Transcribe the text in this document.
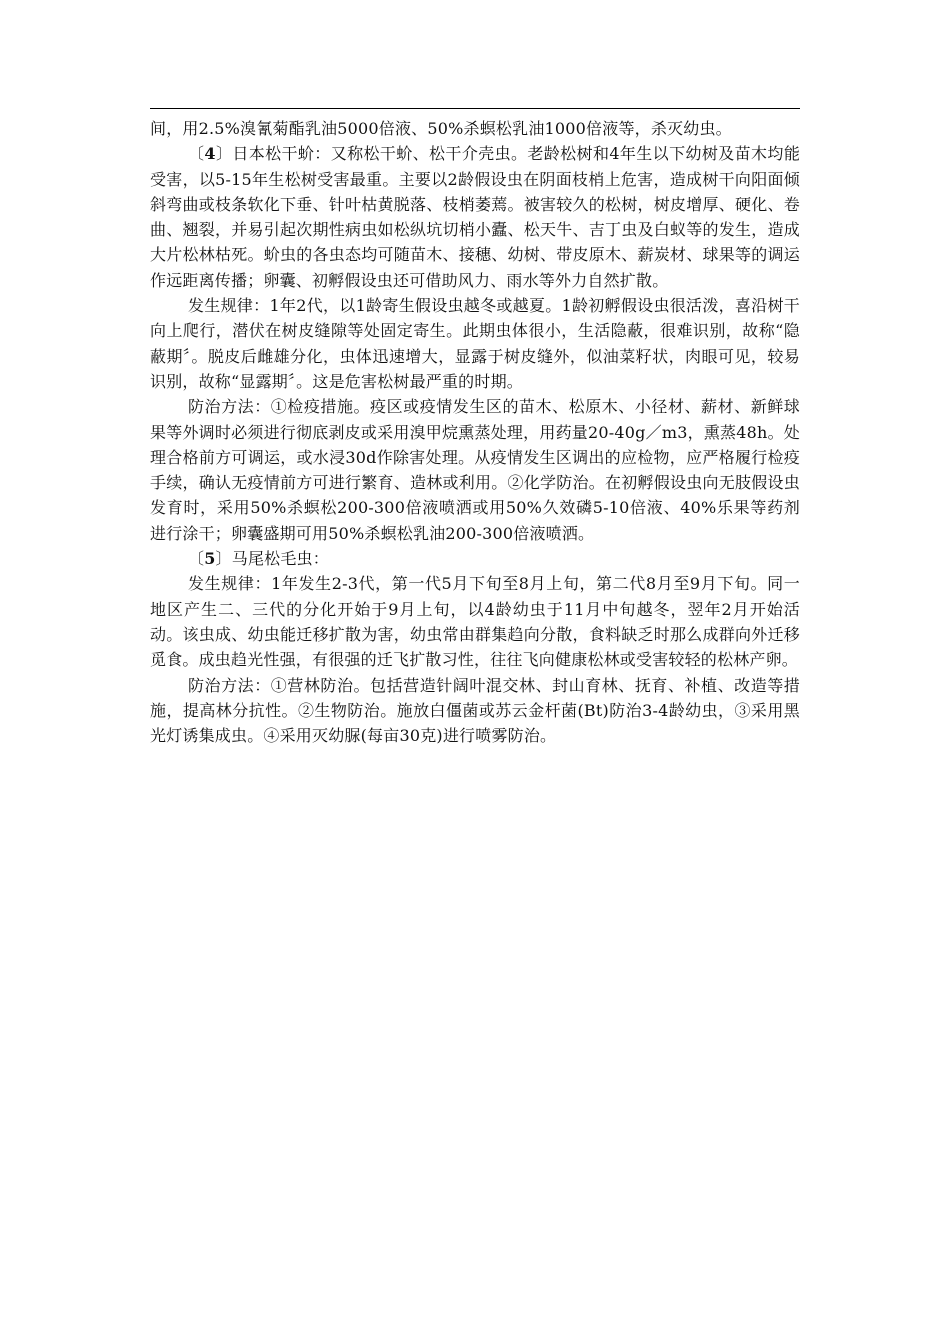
间，用2.5%溴氰菊酯乳油5000倍液、50%杀螟松乳油1000倍液等，杀灭幼虫。

〔4〕日本松干蚧：又称松干蚧、松干介壳虫。老龄松树和4年生以下幼树及苗木均能受害，以5-15年生松树受害最重。主要以2龄假设虫在阴面枝梢上危害，造成树干向阳面倾斜弯曲或枝条软化下垂、针叶枯黄脱落、枝梢萎蔫。被害较久的松树，树皮增厚、硬化、卷曲、翘裂，并易引起次期性病虫如松纵坑切梢小蠹、松天牛、吉丁虫及白蚁等的发生，造成大片松林枯死。蚧虫的各虫态均可随苗木、接穗、幼树、带皮原木、薪炭材、球果等的调运作远距离传播；卵囊、初孵假设虫还可借助风力、雨水等外力自然扩散。

发生规律：1年2代，以1龄寄生假设虫越冬或越夏。1龄初孵假设虫很活泼，喜沿树干向上爬行，潜伏在树皮缝隙等处固定寄生。此期虫体很小，生活隐蔽，很难识别，故称“隐蔽期〞。脱皮后雌雄分化，虫体迅速增大，显露于树皮缝外，似油菜籽状，肉眼可见，较易识别，故称“显露期〞。这是危害松树最严重的时期。

防治方法：①检疫措施。疫区或疫情发生区的苗木、松原木、小径材、薪材、新鲜球果等外调时必须进行彻底剥皮或采用溴甲烷熏蒸处理，用药量20-40g／m3，熏蒸48h。处理合格前方可调运，或水浸30d作除害处理。从疫情发生区调出的应检物，应严格履行检疫手续，确认无疫情前方可进行繁育、造林或利用。②化学防治。在初孵假设虫向无肢假设虫发育时，采用50%杀螟松200-300倍液喷洒或用50%久效磷5-10倍液、40%乐果等药剂进行涂干；卵囊盛期可用50%杀螟松乳油200-300倍液喷洒。

〔5〕马尾松毛虫：

发生规律：1年发生2-3代，第一代5月下旬至8月上旬，第二代8月至9月下旬。同一地区产生二、三代的分化开始于9月上旬，以4龄幼虫于11月中旬越冬，翌年2月开始活动。该虫成、幼虫能迁移扩散为害，幼虫常由群集趋向分散，食料缺乏时那么成群向外迁移觅食。成虫趋光性强，有很强的迁飞扩散习性，往往飞向健康松林或受害较轻的松林产卵。

防治方法：①营林防治。包括营造针阔叶混交林、封山育林、抚育、补植、改造等措施，提高林分抗性。②生物防治。施放白僵菌或苏云金杆菌(Bt)防治3-4龄幼虫，③采用黑光灯诱集成虫。④采用灭幼脲(每亩30克)进行喷雾防治。
